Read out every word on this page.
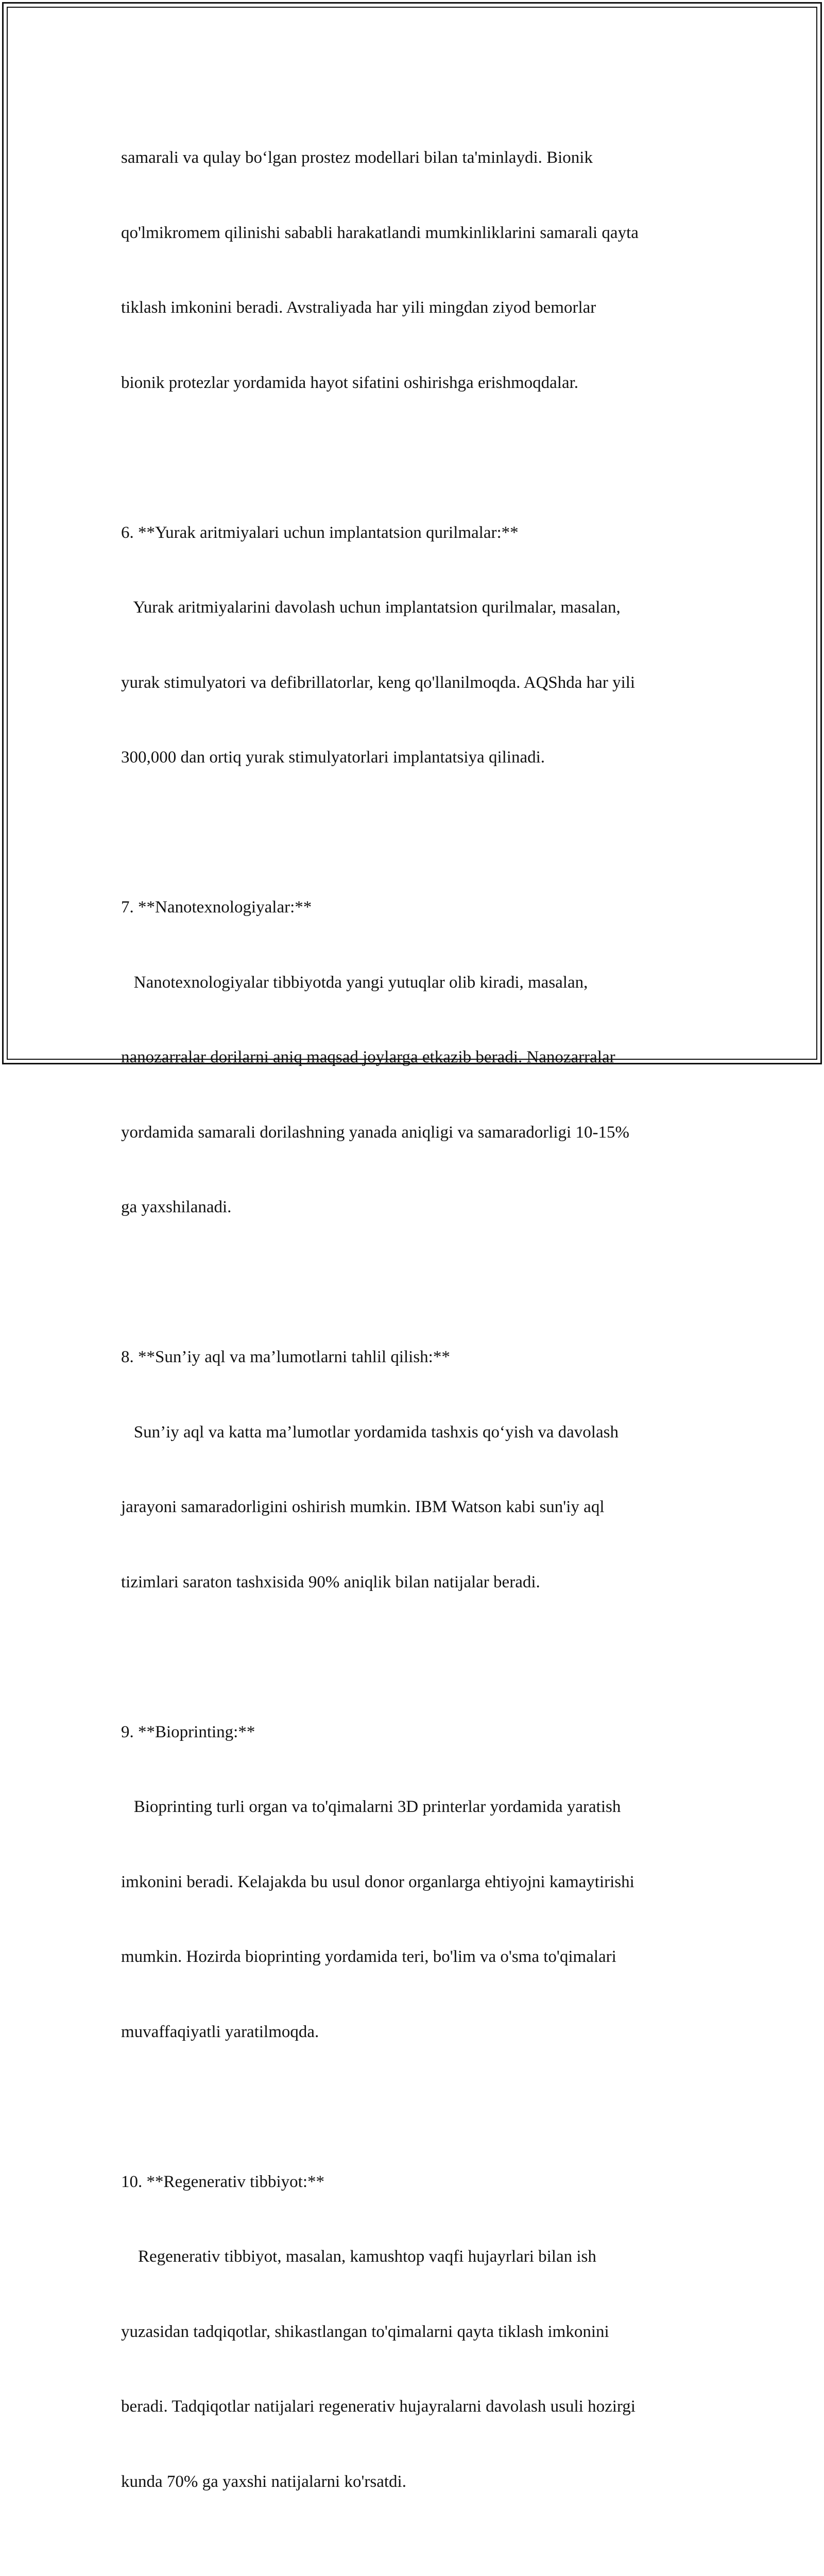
samarali va qulay bo‘lgan prostez modellari bilan ta'minlaydi. Bionik

qo'lmikromem qilinishi sababli harakatlandi mumkinliklarini samarali qayta

tiklash imkonini beradi. Avstraliyada har yili mingdan ziyod bemorlar

bionik protezlar yordamida hayot sifatini oshirishga erishmoqdalar.

6. **Yurak aritmiyalari uchun implantatsion qurilmalar:**

Yurak aritmiyalarini davolash uchun implantatsion qurilmalar, masalan,

yurak stimulyatori va defibrillatorlar, keng qo'llanilmoqda. AQShda har yili

300,000 dan ortiq yurak stimulyatorlari implantatsiya qilinadi.

7. **Nanotexnologiyalar:**

Nanotexnologiyalar tibbiyotda yangi yutuqlar olib kiradi, masalan,

nanozarralar dorilarni aniq maqsad joylarga etkazib beradi. Nanozarralar

yordamida samarali dorilashning yanada aniqligi va samaradorligi 10-15%

ga yaxshilanadi.

8. **Sun’iy aql va ma’lumotlarni tahlil qilish:**

Sun’iy aql va katta ma’lumotlar yordamida tashxis qo‘yish va davolash

jarayoni samaradorligini oshirish mumkin. IBM Watson kabi sun'iy aql

tizimlari saraton tashxisida 90% aniqlik bilan natijalar beradi.

9. **Bioprinting:**

Bioprinting turli organ va to'qimalarni 3D printerlar yordamida yaratish

imkonini beradi. Kelajakda bu usul donor organlarga ehtiyojni kamaytirishi

mumkin. Hozirda bioprinting yordamida teri, bo'lim va o'sma to'qimalari

muvaffaqiyatli yaratilmoqda.

10. **Regenerativ tibbiyot:**

Regenerativ tibbiyot, masalan, kamushtop vaqfi hujayrlari bilan ish

yuzasidan tadqiqotlar, shikastlangan to'qimalarni qayta tiklash imkonini

beradi. Tadqiqotlar natijalari regenerativ hujayralarni davolash usuli hozirgi

kunda 70% ga yaxshi natijalarni ko'rsatdi.
